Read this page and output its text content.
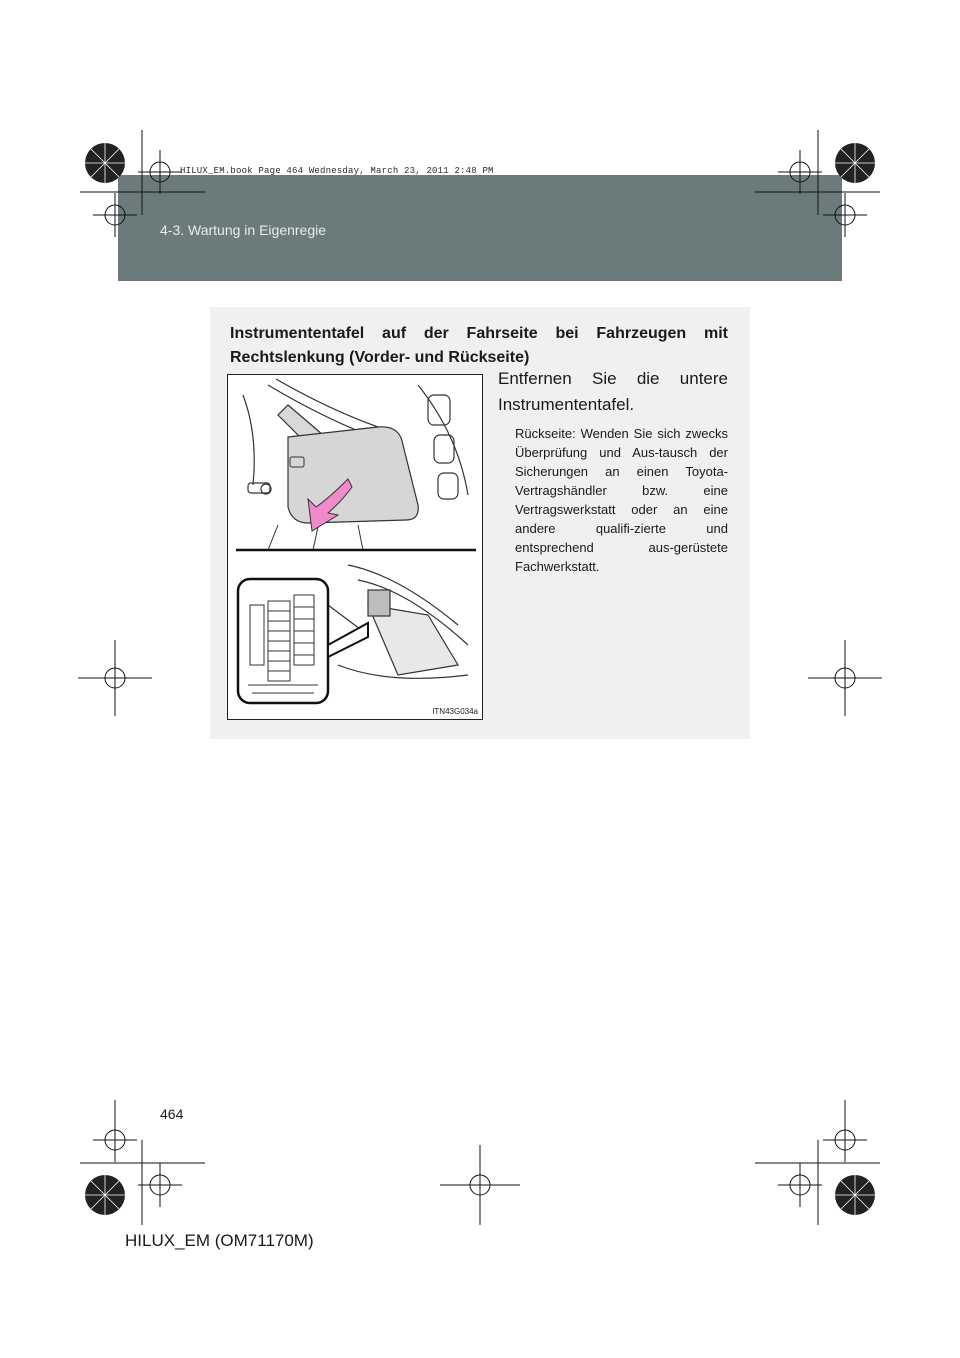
HILUX_EM.book Page 464 Wednesday, March 23, 2011 2:48 PM
4-3. Wartung in Eigenregie
Instrumententafel auf der Fahrseite bei Fahrzeugen mit Rechtslenkung (Vorder- und Rückseite)
ITN43G034a
Entfernen Sie die untere
Instrumententafel.
Rückseite: Wenden Sie sich zwecks Überprüfung und Aus-tausch der Sicherungen an einen Toyota-Vertragshändler bzw. eine Vertragswerkstatt oder an eine andere qualifi-zierte und entsprechend aus-gerüstete Fachwerkstatt.
464
HILUX_EM (OM71170M)
